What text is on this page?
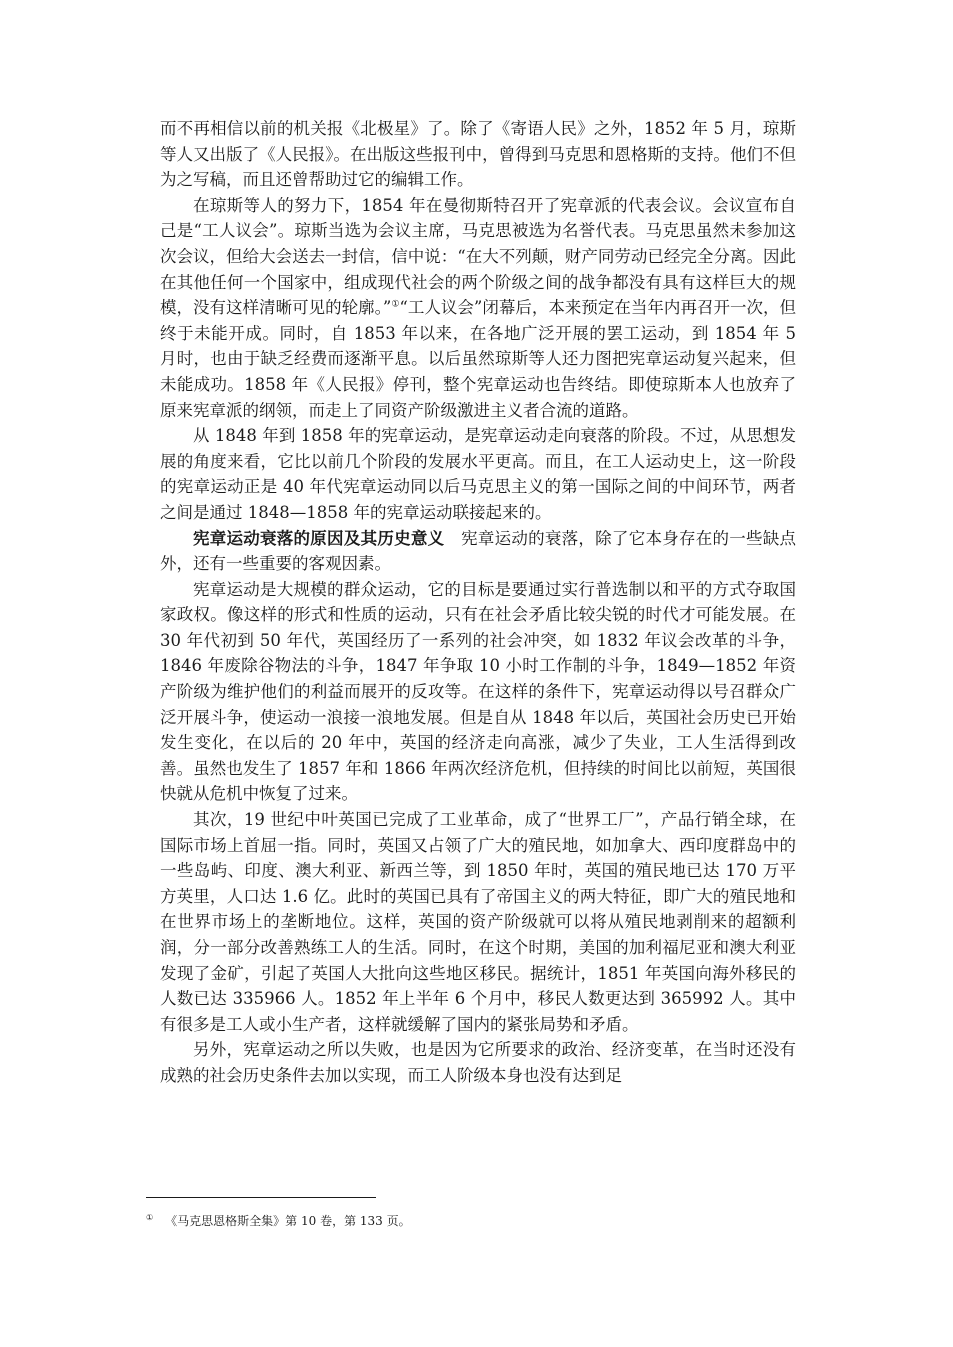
而不再相信以前的机关报《北极星》了。除了《寄语人民》之外，1852 年 5 月，琼斯等人又出版了《人民报》。在出版这些报刊中，曾得到马克思和恩格斯的支持。他们不但为之写稿，而且还曾帮助过它的编辑工作。

在琼斯等人的努力下，1854 年在曼彻斯特召开了宪章派的代表会议。会议宣布自己是“工人议会”。琼斯当选为会议主席，马克思被选为名誉代表。马克思虽然未参加这次会议，但给大会送去一封信，信中说：“在大不列颠，财产同劳动已经完全分离。因此在其他任何一个国家中，组成现代社会的两个阶级之间的战争都没有具有这样巨大的规模，没有这样清晰可见的轮廓。”①“工人议会”闭幕后，本来预定在当年内再召开一次，但终于未能开成。同时，自 1853 年以来，在各地广泛开展的罢工运动，到 1854 年 5 月时，也由于缺乏经费而逐渐平息。以后虽然琼斯等人还力图把宪章运动复兴起来，但未能成功。1858 年《人民报》停刊，整个宪章运动也告终结。即使琼斯本人也放弃了原来宪章派的纲领，而走上了同资产阶级激进主义者合流的道路。

从 1848 年到 1858 年的宪章运动，是宪章运动走向衰落的阶段。不过，从思想发展的角度来看，它比以前几个阶段的发展水平更高。而且，在工人运动史上，这一阶段的宪章运动正是 40 年代宪章运动同以后马克思主义的第一国际之间的中间环节，两者之间是通过 1848—1858 年的宪章运动联接起来的。

宪章运动衰落的原因及其历史意义　宪章运动的衰落，除了它本身存在的一些缺点外，还有一些重要的客观因素。

宪章运动是大规模的群众运动，它的目标是要通过实行普选制以和平的方式夺取国家政权。像这样的形式和性质的运动，只有在社会矛盾比较尖锐的时代才可能发展。在 30 年代初到 50 年代，英国经历了一系列的社会冲突，如 1832 年议会改革的斗争，1846 年废除谷物法的斗争，1847 年争取 10 小时工作制的斗争，1849—1852 年资产阶级为维护他们的利益而展开的反攻等。在这样的条件下，宪章运动得以号召群众广泛开展斗争，使运动一浪接一浪地发展。但是自从 1848 年以后，英国社会历史已开始发生变化，在以后的 20 年中，英国的经济走向高涨，减少了失业，工人生活得到改善。虽然也发生了 1857 年和 1866 年两次经济危机，但持续的时间比以前短，英国很快就从危机中恢复了过来。

其次，19 世纪中叶英国已完成了工业革命，成了“世界工厂”，产品行销全球，在国际市场上首屈一指。同时，英国又占领了广大的殖民地，如加拿大、西印度群岛中的一些岛屿、印度、澳大利亚、新西兰等，到 1850 年时，英国的殖民地已达 170 万平方英里，人口达 1.6 亿。此时的英国已具有了帝国主义的两大特征，即广大的殖民地和在世界市场上的垄断地位。这样，英国的资产阶级就可以将从殖民地剥削来的超额利润，分一部分改善熟练工人的生活。同时，在这个时期，美国的加利福尼亚和澳大利亚发现了金矿，引起了英国人大批向这些地区移民。据统计，1851 年英国向海外移民的人数已达 335966 人。1852 年上半年 6 个月中，移民人数更达到 365992 人。其中有很多是工人或小生产者，这样就缓解了国内的紧张局势和矛盾。

另外，宪章运动之所以失败，也是因为它所要求的政治、经济变革，在当时还没有成熟的社会历史条件去加以实现，而工人阶级本身也没有达到足

① 《马克思恩格斯全集》第 10 卷，第 133 页。
